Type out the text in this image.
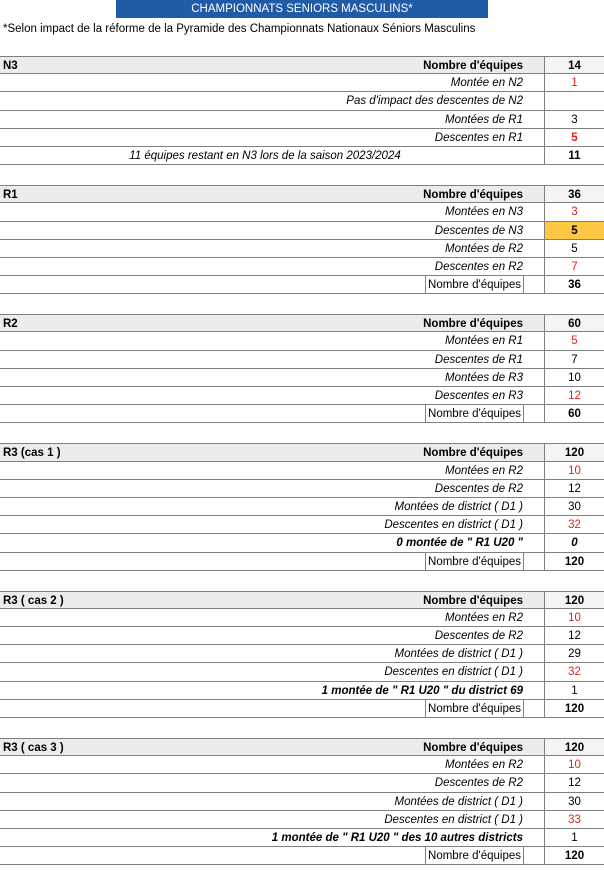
CHAMPIONNATS SENIORS MASCULINS*
*Selon impact de la réforme de la Pyramide des Championnats Nationaux Séniors Masculins
N3	Nombre d'équipes	14
Montée en N2	1
Pas d'impact des descentes de N2
Montées de R1	3
Descentes en R1	5
11 équipes restant en N3 lors de la saison 2023/2024	11
R1	Nombre d'équipes	36
Montées en N3	3
Descentes de N3	5
Montées de R2	5
Descentes en R2	7
Nombre d'équipes	36
R2	Nombre d'équipes	60
Montées en R1	5
Descentes de R1	7
Montées de R3	10
Descentes en R3	12
Nombre d'équipes	60
R3 (cas 1 )	Nombre d'équipes	120
Montées en R2	10
Descentes de R2	12
Montées de district ( D1 )	30
Descentes en district ( D1 )	32
0 montée de " R1 U20 "	0
Nombre d'équipes	120
R3 ( cas 2 )	Nombre d'équipes	120
Montées en R2	10
Descentes de R2	12
Montées de district ( D1 )	29
Descentes en district ( D1 )	32
1 montée de " R1 U20 " du district 69	1
Nombre d'équipes	120
R3 ( cas 3 )	Nombre d'équipes	120
Montées en R2	10
Descentes de R2	12
Montées de district ( D1 )	30
Descentes en district ( D1 )	33
1 montée de " R1 U20 " des 10 autres districts	1
Nombre d'équipes	120
